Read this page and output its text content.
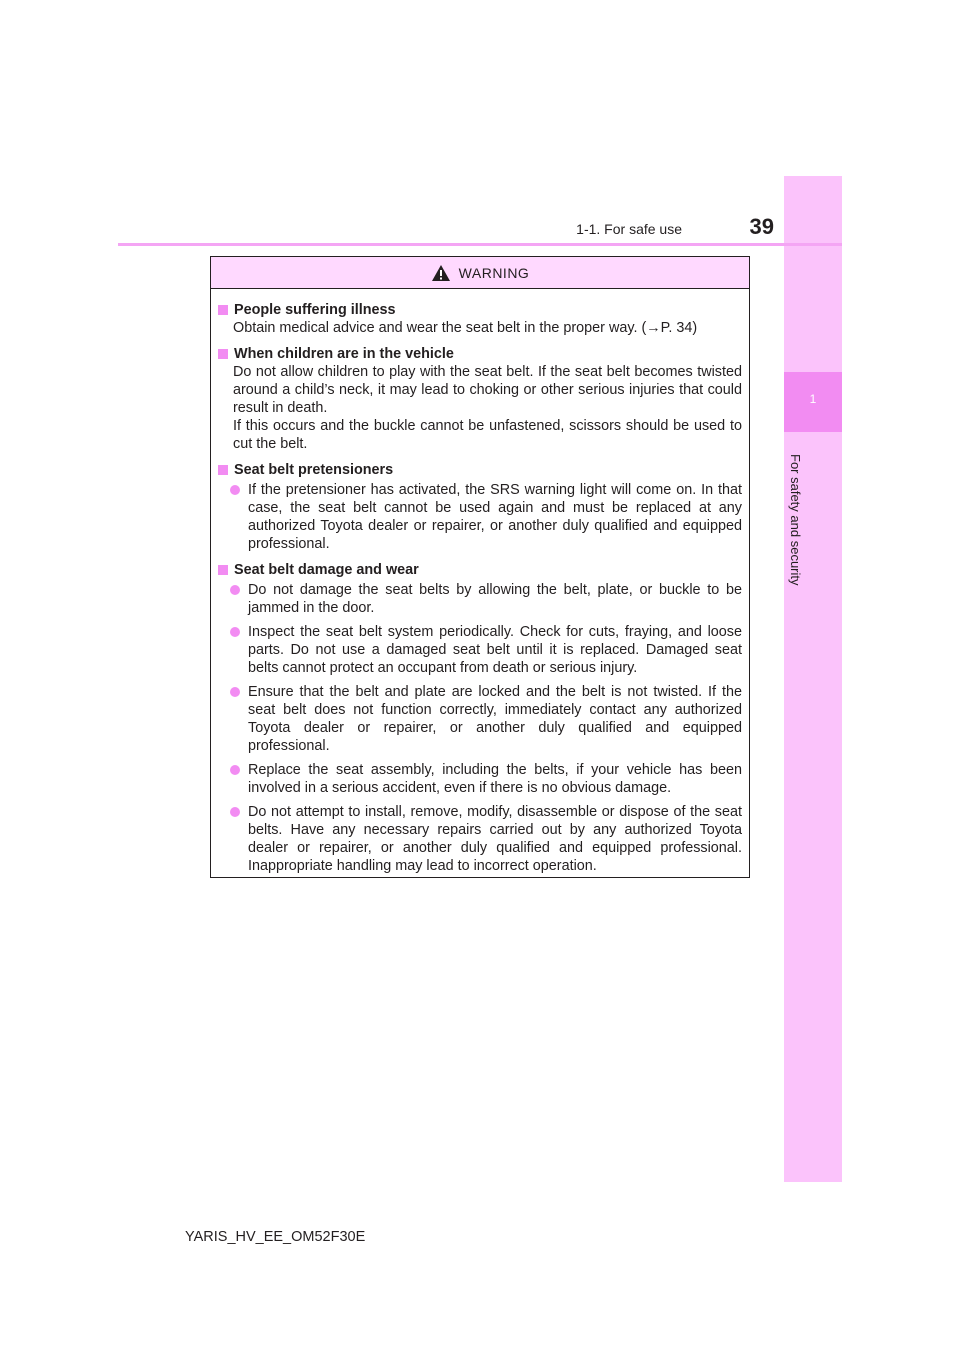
1
For safety and security
1-1. For safe use	39
WARNING
People suffering illness
Obtain medical advice and wear the seat belt in the proper way. (→P. 34)
When children are in the vehicle
Do not allow children to play with the seat belt. If the seat belt becomes twisted around a child’s neck, it may lead to choking or other serious injuries that could result in death.
If this occurs and the buckle cannot be unfastened, scissors should be used to cut the belt.
Seat belt pretensioners
If the pretensioner has activated, the SRS warning light will come on. In that case, the seat belt cannot be used again and must be replaced at any authorized Toyota dealer or repairer, or another duly qualified and equipped professional.
Seat belt damage and wear
Do not damage the seat belts by allowing the belt, plate, or buckle to be jammed in the door.
Inspect the seat belt system periodically. Check for cuts, fraying, and loose parts. Do not use a damaged seat belt until it is replaced. Damaged seat belts cannot protect an occupant from death or serious injury.
Ensure that the belt and plate are locked and the belt is not twisted. If the seat belt does not function correctly, immediately contact any authorized Toyota dealer or repairer, or another duly qualified and equipped professional.
Replace the seat assembly, including the belts, if your vehicle has been involved in a serious accident, even if there is no obvious damage.
Do not attempt to install, remove, modify, disassemble or dispose of the seat belts. Have any necessary repairs carried out by any authorized Toyota dealer or repairer, or another duly qualified and equipped professional. Inappropriate handling may lead to incorrect operation.
YARIS_HV_EE_OM52F30E
